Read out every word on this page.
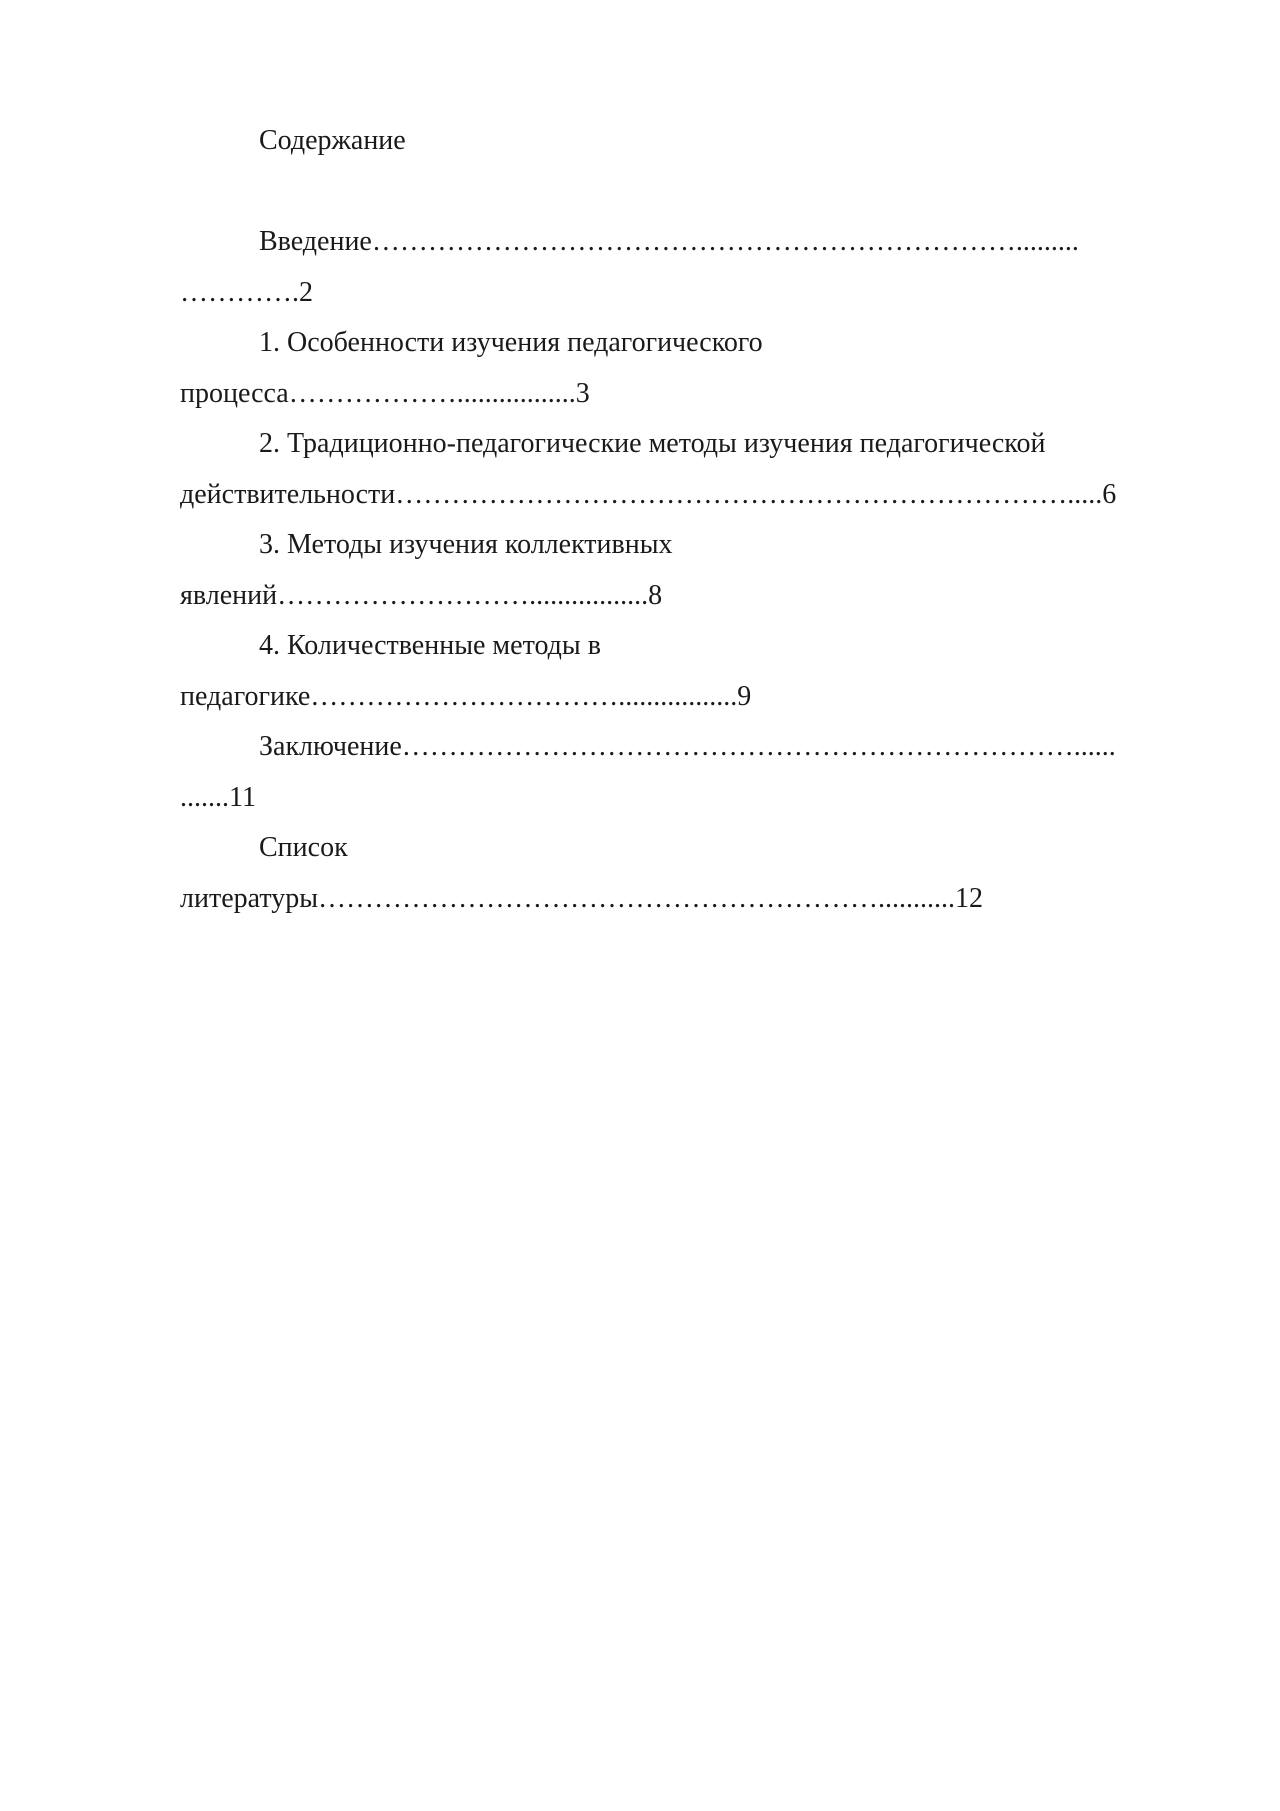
Содержание
Введение…………………………………………………………….........
………….2
1. Особенности изучения педагогического
процесса……………….................3
2. Традиционно-педагогические методы изучения педагогической
действительности……………………………………………………………….....6
3. Методы изучения коллективных
явлений……………………….................8
4. Количественные методы в
педагогике…………………………….................9
Заключение………………………………………………………………......
.......11
Список
литературы……………………………………………………...........12
